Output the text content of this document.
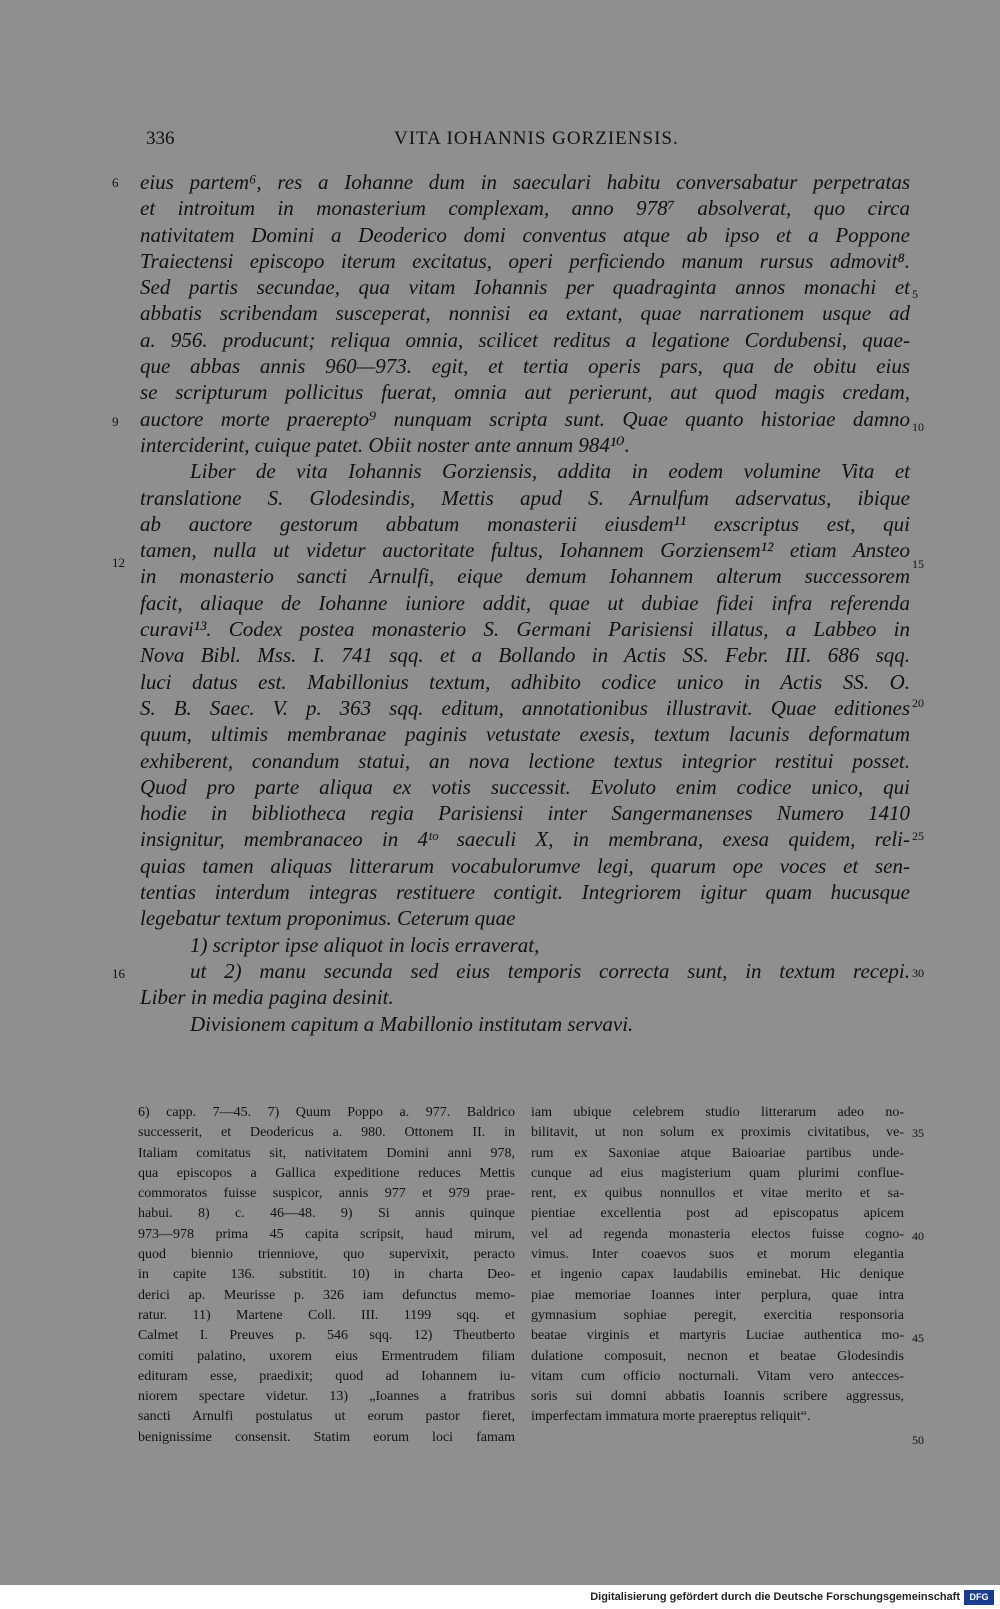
336	VITA IOHANNIS GORZIENSIS.
eius partem⁶, res a Iohanne dum in saeculari habitu conversabatur perpetratas
et introitum in monasterium complexam, anno 978⁷ absolverat, quo circa
nativitatem Domini a Deoderico domi conventus atque ab ipso et a Poppone
Traiectensi episcopo iterum excitatus, operi perficiendo manum rursus admovit⁸.
Sed partis secundae, qua vitam Iohannis per quadraginta annos monachi et
abbatis scribendam susceperat, nonnisi ea extant, quae narrationem usque ad
a. 956. producunt; reliqua omnia, scilicet reditus a legatione Cordubensi, quae-
que abbas annis 960—973. egit, et tertia operis pars, qua de obitu eius
se scripturum pollicitus fuerat, omnia aut perierunt, aut quod magis credam,
auctore morte praerepto⁹ nunquam scripta sunt. Quae quanto historiae damno
interciderint, cuique patet. Obiit noster ante annum 984¹⁰.
Liber de vita Iohannis Gorziensis, addita in eodem volumine Vita et
translatione S. Glodesindis, Mettis apud S. Arnulfum adservatus, ibique
ab auctore gestorum abbatum monasterii eiusdem¹¹ exscriptus est, qui
tamen, nulla ut videtur auctoritate fultus, Iohannem Gorziensem¹² etiam Ansteo
in monasterio sancti Arnulfi, eique demum Iohannem alterum successorem
facit, aliaque de Iohanne iuniore addit, quae ut dubiae fidei infra referenda
curavi¹³. Codex postea monasterio S. Germani Parisiensi illatus, a Labbeo in
Nova Bibl. Mss. I. 741 sqq. et a Bollando in Actis SS. Febr. III. 686 sqq.
luci datus est. Mabillonius textum, adhibito codice unico in Actis SS. O.
S. B. Saec. V. p. 363 sqq. editum, annotationibus illustravit. Quae editiones
quum, ultimis membranae paginis vetustate exesis, textum lacunis deformatum
exhiberent, conandum statui, an nova lectione textus integrior restitui posset.
Quod pro parte aliqua ex votis successit. Evoluto enim codice unico, qui
hodie in bibliotheca regia Parisiensi inter Sangermanenses Numero 1410
insignitur, membranaceo in 4ᵗᵒ saeculi X, in membrana, exesa quidem, reli-
quias tamen aliquas litterarum vocabulorumve legi, quarum ope voces et sen-
tentias interdum integras restituere contigit. Integriorem igitur quam hucusque
legebatur textum proponimus. Ceterum quae
1) scriptor ipse aliquot in locis erraverat,
ut 2) manu secunda sed eius temporis correcta sunt, in textum recepi.
Liber in media pagina desinit.
Divisionem capitum a Mabillonio institutam servavi.
6
9
12
16
5
10
15
20
25
30
35
40
45
50
6) capp. 7—45. 7) Quum Poppo a. 977. Baldrico
successerit, et Deodericus a. 980. Ottonem II. in
Italiam comitatus sit, nativitatem Domini anni 978,
qua episcopos a Gallica expeditione reduces Mettis
commoratos fuisse suspicor, annis 977 et 979 prae-
habui. 8) c. 46—48. 9) Si annis quinque
973—978 prima 45 capita scripsit, haud mirum,
quod biennio trienniove, quo supervixit, peracto
in capite 136. substitit. 10) in charta Deo-
derici ap. Meurisse p. 326 iam defunctus memo-
ratur. 11) Martene Coll. III. 1199 sqq. et
Calmet I. Preuves p. 546 sqq. 12) Theutberto
comiti palatino, uxorem eius Ermentrudem filiam
edituram esse, praedixit; quod ad Iohannem iu-
niorem spectare videtur. 13) „Ioannes a fratribus
sancti Arnulfi postulatus ut eorum pastor fieret,
benignissime consensit. Statim eorum loci famam
iam ubique celebrem studio litterarum adeo no-
bilitavit, ut non solum ex proximis civitatibus, ve-
rum ex Saxoniae atque Baioariae partibus unde-
cunque ad eius magisterium quam plurimi conflue-
rent, ex quibus nonnullos et vitae merito et sa-
pientiae excellentia post ad episcopatus apicem
vel ad regenda monasteria electos fuisse cogno-
vimus. Inter coaevos suos et morum elegantia
et ingenio capax laudabilis eminebat. Hic denique
piae memoriae Ioannes inter perplura, quae intra
gymnasium sophiae peregit, exercitia responsoria
beatae virginis et martyris Luciae authentica mo-
dulatione composuit, necnon et beatae Glodesindis
vitam cum officio nocturnali. Vitam vero antecces-
soris sui domni abbatis Ioannis scribere aggressus,
imperfectam immatura morte praereptus reliquit“.
Digitalisierung gefördert durch die Deutsche Forschungsgemeinschaft	DFG
